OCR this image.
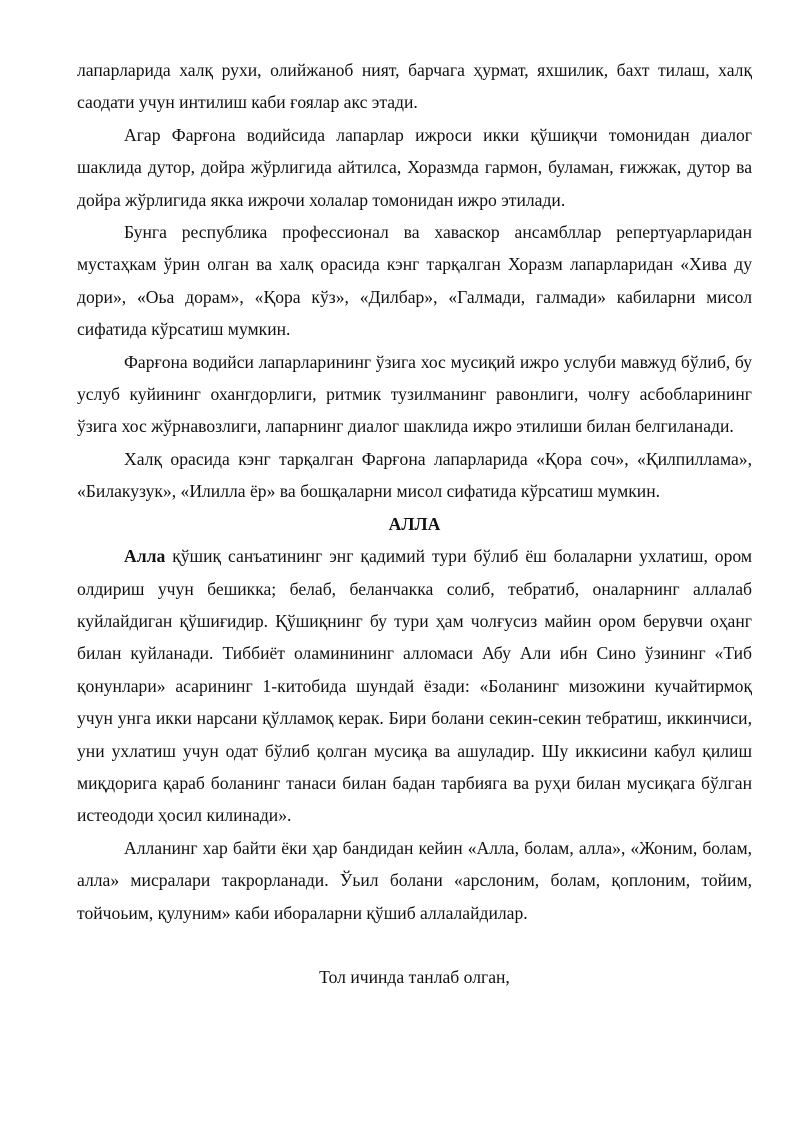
лапарларида халқ рухи, олийжаноб ният, барчага ҳурмат, яхшилик, бахт тилаш, халқ саодати учун интилиш каби ғоялар акс этади.

Агар Фарғона водийсида лапарлар ижроси икки қўшиқчи томонидан диалог шаклида дутор, дойра жўрлигида айтилса, Хоразмда гармон, буламан, ғижжак, дутор ва дойра жўрлигида якка ижрочи холалар томонидан ижро этилади.

Бунга республика профессионал ва хаваскор ансамбллар репертуарларидан мустаҳкам ўрин олган ва халқ орасида кэнг тарқалган Хоразм лапарларидан «Хива ду дори», «Оьа дорам», «Қора кўз», «Дилбар», «Галмади, галмади» кабиларни мисол сифатида кўрсатиш мумкин.

Фарғона водийси лапарларининг ўзига хос мусиқий ижро услуби мавжуд бўлиб, бу услуб куйининг охангдорлиги, ритмик тузилманинг равонлиги, чолғу асбобларининг ўзига хос жўрнавозлиги, лапарнинг диалог шаклида ижро этилиши билан белгиланади.

Халқ орасида кэнг тарқалган Фарғона лапарларида «Қора соч», «Қилпиллама», «Билакузук», «Илилла ёр» ва бошқаларни мисол сифатида кўрсатиш мумкин.

АЛЛА

Алла қўшиқ санъатининг энг қадимий тури бўлиб ёш болаларни ухлатиш, ором олдириш учун бешикка; белаб, беланчакка солиб, тебратиб, оналарнинг аллалаб куйлайдиган қўшиғидир. Қўшиқнинг бу тури ҳам чолғусиз майин ором берувчи оҳанг билан куйланади. Тиббиёт оламинининг алломаси Абу Али ибн Сино ўзининг «Тиб қонунлари» асарининг 1-китобида шундай ёзади: «Боланинг мизожини кучайтирмоқ учун унга икки нарсани қўлламоқ керак. Бири болани секин-секин тебратиш, иккинчиси, уни ухлатиш учун одат бўлиб қолган мусиқа ва ашуладир. Шу иккисини кабул қилиш миқдорига қараб боланинг танаси билан бадан тарбияга ва руҳи билан мусиқага бўлган истеододи ҳосил килинади».

Алланинг хар байти ёки ҳар бандидан кейин «Алла, болам, алла», «Жоним, болам, алла» мисралари такрорланади. Ўьил болани «арслоним, болам, қоплоним, тойим, тойчоьим, қулуним» каби ибораларни қўшиб аллалайдилар.

Тол ичинда танлаб олган,
